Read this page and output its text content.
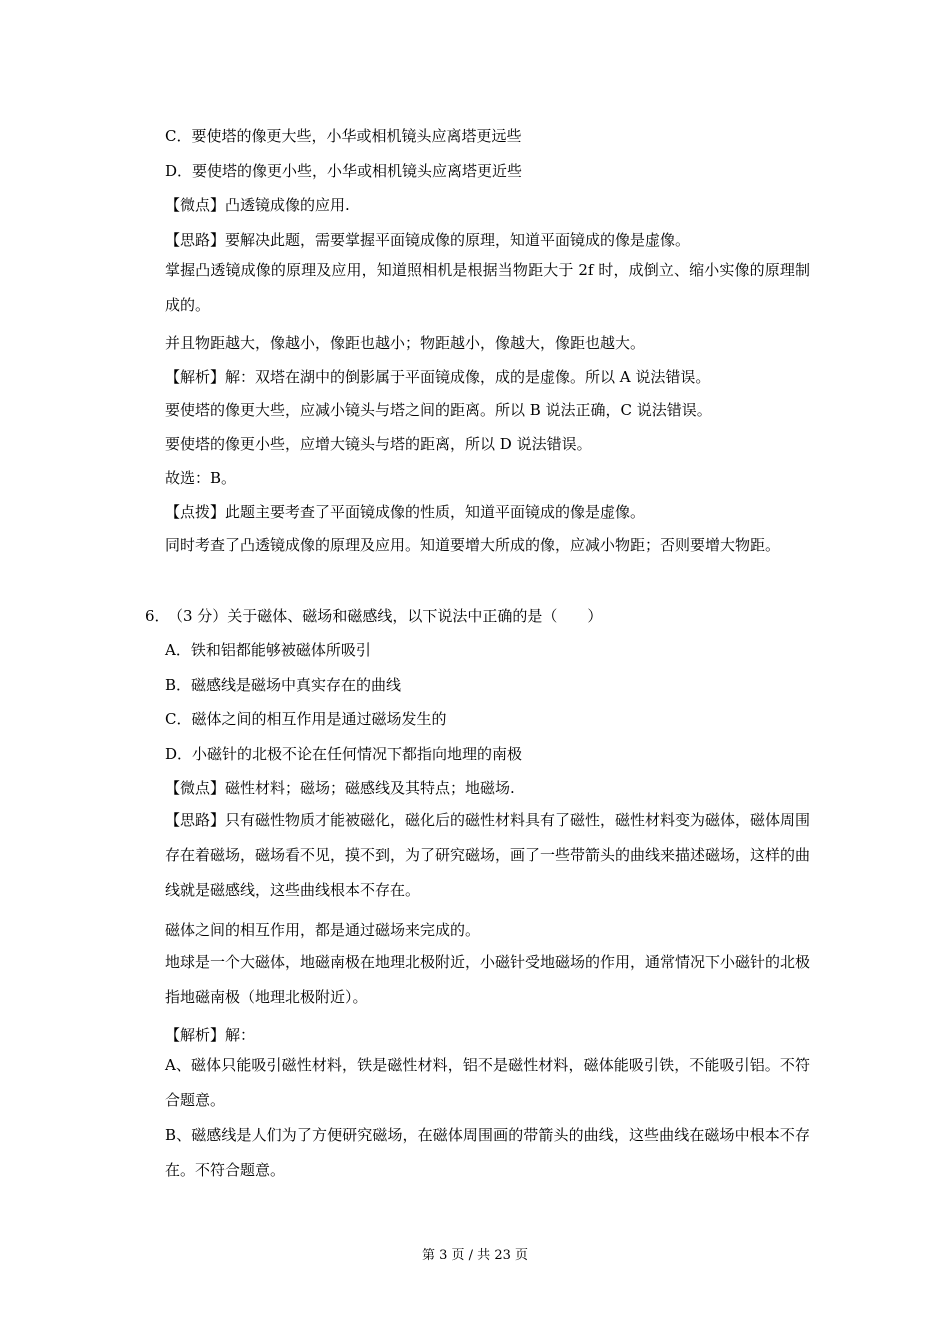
C．要使塔的像更大些，小华或相机镜头应离塔更远些
D．要使塔的像更小些，小华或相机镜头应离塔更近些
【微点】凸透镜成像的应用.
【思路】要解决此题，需要掌握平面镜成像的原理，知道平面镜成的像是虚像。
掌握凸透镜成像的原理及应用，知道照相机是根据当物距大于 2f 时，成倒立、缩小实像的原理制成的。
并且物距越大，像越小，像距也越小；物距越小，像越大，像距也越大。
【解析】解：双塔在湖中的倒影属于平面镜成像，成的是虚像。所以 A 说法错误。
要使塔的像更大些，应减小镜头与塔之间的距离。所以 B 说法正确，C 说法错误。
要使塔的像更小些，应增大镜头与塔的距离，所以 D 说法错误。
故选：B。
【点拨】此题主要考查了平面镜成像的性质，知道平面镜成的像是虚像。
同时考查了凸透镜成像的原理及应用。知道要增大所成的像，应减小物距；否则要增大物距。
6．
（3 分）关于磁体、磁场和磁感线，以下说法中正确的是（　　）
A．铁和铝都能够被磁体所吸引
B．磁感线是磁场中真实存在的曲线
C．磁体之间的相互作用是通过磁场发生的
D．小磁针的北极不论在任何情况下都指向地理的南极
【微点】磁性材料；磁场；磁感线及其特点；地磁场.
【思路】只有磁性物质才能被磁化，磁化后的磁性材料具有了磁性，磁性材料变为磁体，磁体周围存在着磁场，磁场看不见，摸不到，为了研究磁场，画了一些带箭头的曲线来描述磁场，这样的曲线就是磁感线，这些曲线根本不存在。
磁体之间的相互作用，都是通过磁场来完成的。
地球是一个大磁体，地磁南极在地理北极附近，小磁针受地磁场的作用，通常情况下小磁针的北极指地磁南极（地理北极附近）。
【解析】解：
A、磁体只能吸引磁性材料，铁是磁性材料，铝不是磁性材料，磁体能吸引铁，不能吸引铝。不符合题意。
B、磁感线是人们为了方便研究磁场，在磁体周围画的带箭头的曲线，这些曲线在磁场中根本不存在。不符合题意。
第 3 页 / 共 23 页
